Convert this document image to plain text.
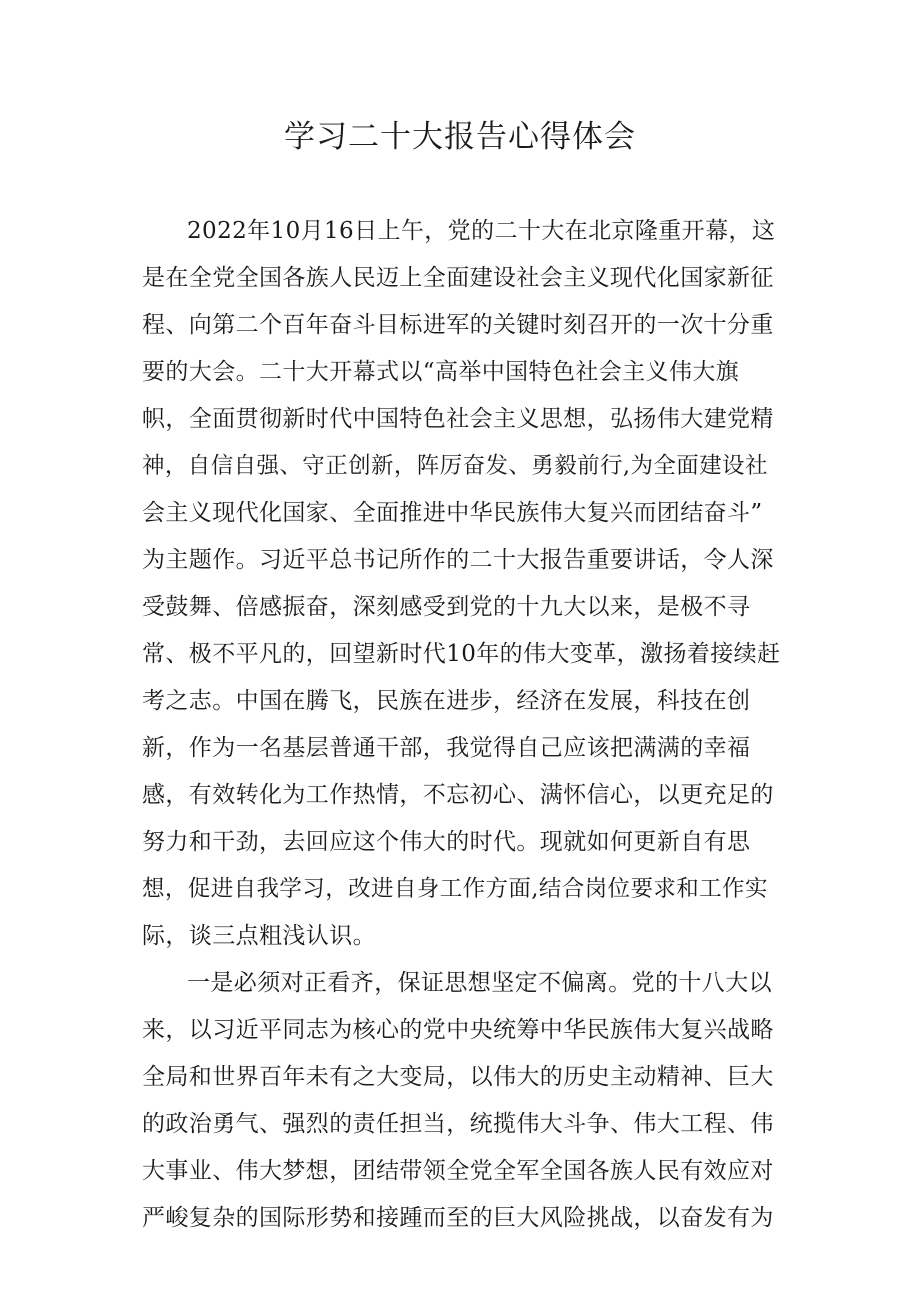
学习二十大报告心得体会
2022年10月16日上午，党的二十大在北京隆重开幕，这
是在全党全国各族人民迈上全面建设社会主义现代化国家新征
程、向第二个百年奋斗目标进军的关键时刻召开的一次十分重
要的大会。二十大开幕式以“高举中国特色社会主义伟大旗
帜，全面贯彻新时代中国特色社会主义思想，弘扬伟大建党精
神，自信自强、守正创新，阵厉奋发、勇毅前行,为全面建设社
会主义现代化国家、全面推进中华民族伟大复兴而团结奋斗”
为主题作。习近平总书记所作的二十大报告重要讲话，令人深
受鼓舞、倍感振奋，深刻感受到党的十九大以来，是极不寻
常、极不平凡的，回望新时代10年的伟大变革，激扬着接续赶
考之志。中国在腾飞，民族在进步，经济在发展，科技在创
新，作为一名基层普通干部，我觉得自己应该把满满的幸福
感，有效转化为工作热情，不忘初心、满怀信心，以更充足的
努力和干劲，去回应这个伟大的时代。现就如何更新自有思
想，促进自我学习，改进自身工作方面,结合岗位要求和工作实
际，谈三点粗浅认识。
一是必须对正看齐，保证思想坚定不偏离。党的十八大以
来，以习近平同志为核心的党中央统筹中华民族伟大复兴战略
全局和世界百年未有之大变局，以伟大的历史主动精神、巨大
的政治勇气、强烈的责任担当，统揽伟大斗争、伟大工程、伟
大事业、伟大梦想，团结带领全党全军全国各族人民有效应对
严峻复杂的国际形势和接踵而至的巨大风险挑战，以奋发有为
